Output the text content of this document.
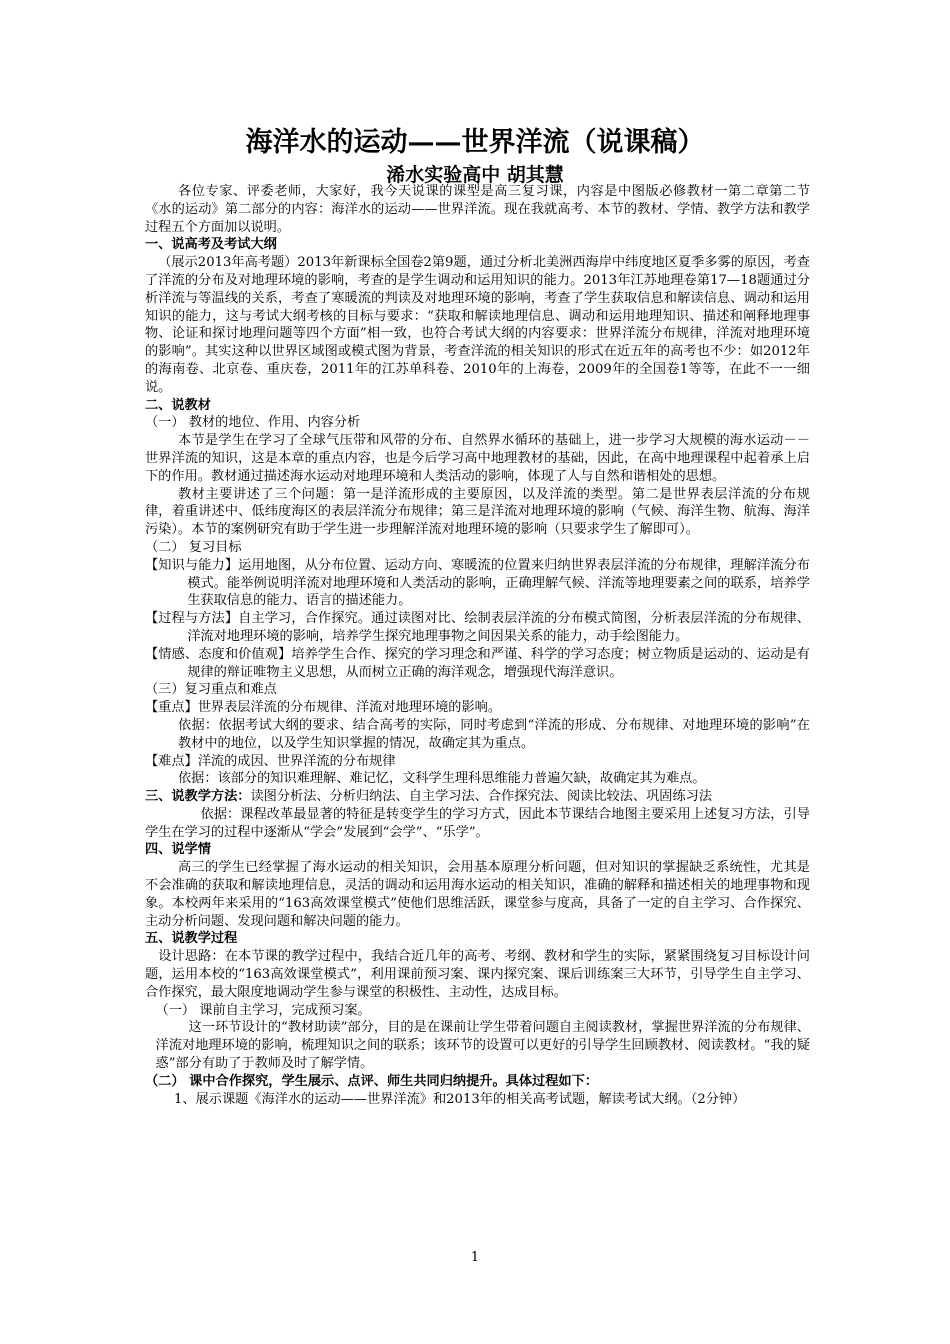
海洋水的运动——世界洋流（说课稿）
浠水实验高中 胡其慧

各位专家、评委老师，大家好，我今天说课的课型是高三复习课，内容是中图版必修教材一第二章第二节《水的运动》第二部分的内容：海洋水的运动——世界洋流。现在我就高考、本节的教材、学情、教学方法和教学过程五个方面加以说明。

一、说高考及考试大纲

（展示2013年高考题）2013年新课标全国卷2第9题，通过分析北美洲西海岸中纬度地区夏季多雾的原因，考查了洋流的分布及对地理环境的影响，考查的是学生调动和运用知识的能力。2013年江苏地理卷第17—18题通过分析洋流与等温线的关系，考查了寒暖流的判读及对地理环境的影响，考查了学生获取信息和解读信息、调动和运用知识的能力，这与考试大纲考核的目标与要求：“获取和解读地理信息、调动和运用地理知识、描述和阐释地理事物、论证和探讨地理问题等四个方面”相一致，也符合考试大纲的内容要求：世界洋流分布规律，洋流对地理环境的影响”。其实这种以世界区域图或模式图为背景，考查洋流的相关知识的形式在近五年的高考也不少：如2012年的海南卷、北京卷、重庆卷，2011年的江苏单科卷、2010年的上海卷，2009年的全国卷1等等，在此不一一细说。

二、说教材

（一） 教材的地位、作用、内容分析

本节是学生在学习了全球气压带和风带的分布、自然界水循环的基础上，进一步学习大规模的海水运动－－世界洋流的知识，这是本章的重点内容，也是今后学习高中地理教材的基础，因此，在高中地理课程中起着承上启下的作用。教材通过描述海水运动对地理环境和人类活动的影响，体现了人与自然和谐相处的思想。

教材主要讲述了三个问题：第一是洋流形成的主要原因，以及洋流的类型。第二是世界表层洋流的分布规律，着重讲述中、低纬度海区的表层洋流分布规律；第三是洋流对地理环境的影响（气候、海洋生物、航海、海洋污染）。本节的案例研究有助于学生进一步理解洋流对地理环境的影响（只要求学生了解即可）。

（二） 复习目标

【知识与能力】运用地图，从分布位置、运动方向、寒暖流的位置来归纳世界表层洋流的分布规律，理解洋流分布模式。能举例说明洋流对地理环境和人类活动的影响，正确理解气候、洋流等地理要素之间的联系，培养学生获取信息的能力、语言的描述能力。

【过程与方法】自主学习，合作探究。通过读图对比、绘制表层洋流的分布模式简图，分析表层洋流的分布规律、洋流对地理环境的影响，培养学生探究地理事物之间因果关系的能力，动手绘图能力。

【情感、态度和价值观】培养学生合作、探究的学习理念和严谨、科学的学习态度；树立物质是运动的、运动是有规律的辩证唯物主义思想，从而树立正确的海洋观念，增强现代海洋意识。

（三）复习重点和难点

【重点】世界表层洋流的分布规律、洋流对地理环境的影响。

依据：依据考试大纲的要求、结合高考的实际，同时考虑到“洋流的形成、分布规律、对地理环境的影响”在教材中的地位，以及学生知识掌握的情况，故确定其为重点。

【难点】洋流的成因、世界洋流的分布规律

依据：该部分的知识难理解、难记忆，文科学生理科思维能力普遍欠缺，故确定其为难点。

三、说教学方法：读图分析法、分析归纳法、自主学习法、合作探究法、阅读比较法、巩固练习法

依据：课程改革最显著的特征是转变学生的学习方式，因此本节课结合地图主要采用上述复习方法，引导学生在学习的过程中逐渐从“学会”发展到“会学”、“乐学”。

四、说学情

高三的学生已经掌握了海水运动的相关知识，会用基本原理分析问题，但对知识的掌握缺乏系统性，尤其是不会准确的获取和解读地理信息，灵活的调动和运用海水运动的相关知识，准确的解释和描述相关的地理事物和现象。本校两年来采用的“163高效课堂模式”使他们思维活跃，课堂参与度高，具备了一定的自主学习、合作探究、主动分析问题、发现问题和解决问题的能力。

五、说教学过程

设计思路：在本节课的教学过程中，我结合近几年的高考、考纲、教材和学生的实际，紧紧围绕复习目标设计问题，运用本校的“163高效课堂模式”，利用课前预习案、课内探究案、课后训练案三大环节，引导学生自主学习、合作探究，最大限度地调动学生参与课堂的积极性、主动性，达成目标。

（一） 课前自主学习，完成预习案。

这一环节设计的“教材助读”部分，目的是在课前让学生带着问题自主阅读教材，掌握世界洋流的分布规律、洋流对地理环境的影响，梳理知识之间的联系；该环节的设置可以更好的引导学生回顾教材、阅读教材。“我的疑惑”部分有助了于教师及时了解学情。

（二） 课中合作探究，学生展示、点评、师生共同归纳提升。具体过程如下：

1、展示课题《海洋水的运动——世界洋流》和2013年的相关高考试题，解读考试大纲。（2分钟）

1
